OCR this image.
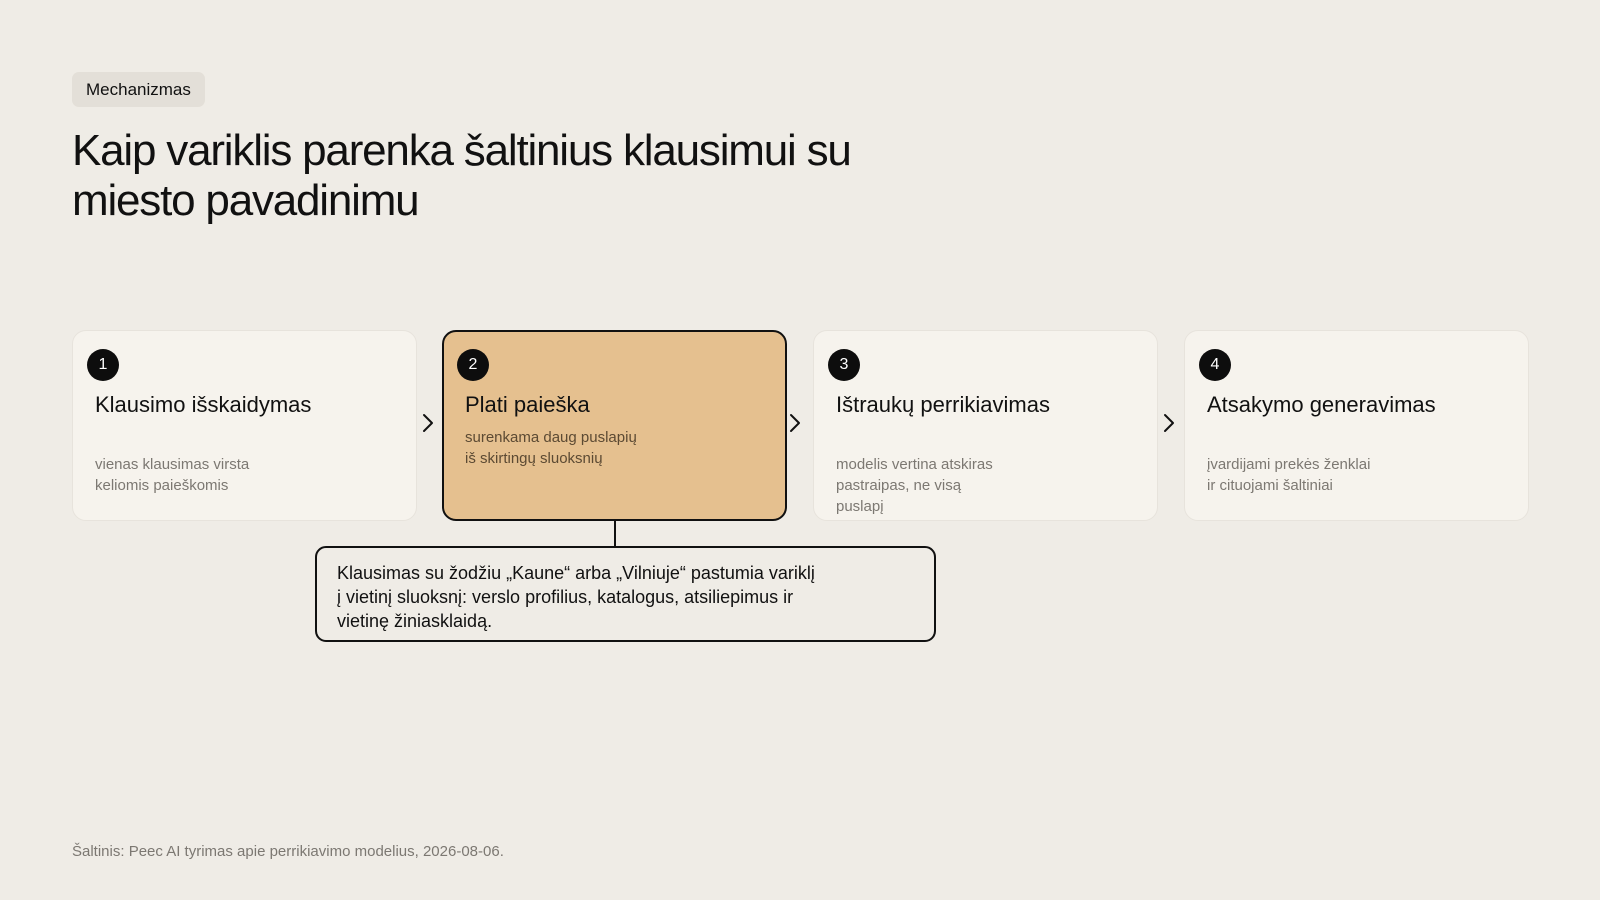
Mechanizmas
Kaip variklis parenka šaltinius klausimui su miesto pavadinimu
1
Klausimo išskaidymas
vienas klausimas virsta keliomis paieškomis
2
Plati paieška
surenkama daug puslapių iš skirtingų sluoksnių
3
Ištraukų perrikiavimas
modelis vertina atskiras pastraipas, ne visą puslapį
4
Atsakymo generavimas
įvardijami prekės ženklai ir cituojami šaltiniai
Klausimas su žodžiu „Kaune“ arba „Vilniuje“ pastumia variklį į vietinį sluoksnį: verslo profilius, katalogus, atsiliepimus ir vietinę žiniasklaidą.
Šaltinis: Peec AI tyrimas apie perrikiavimo modelius, 2026-08-06.
